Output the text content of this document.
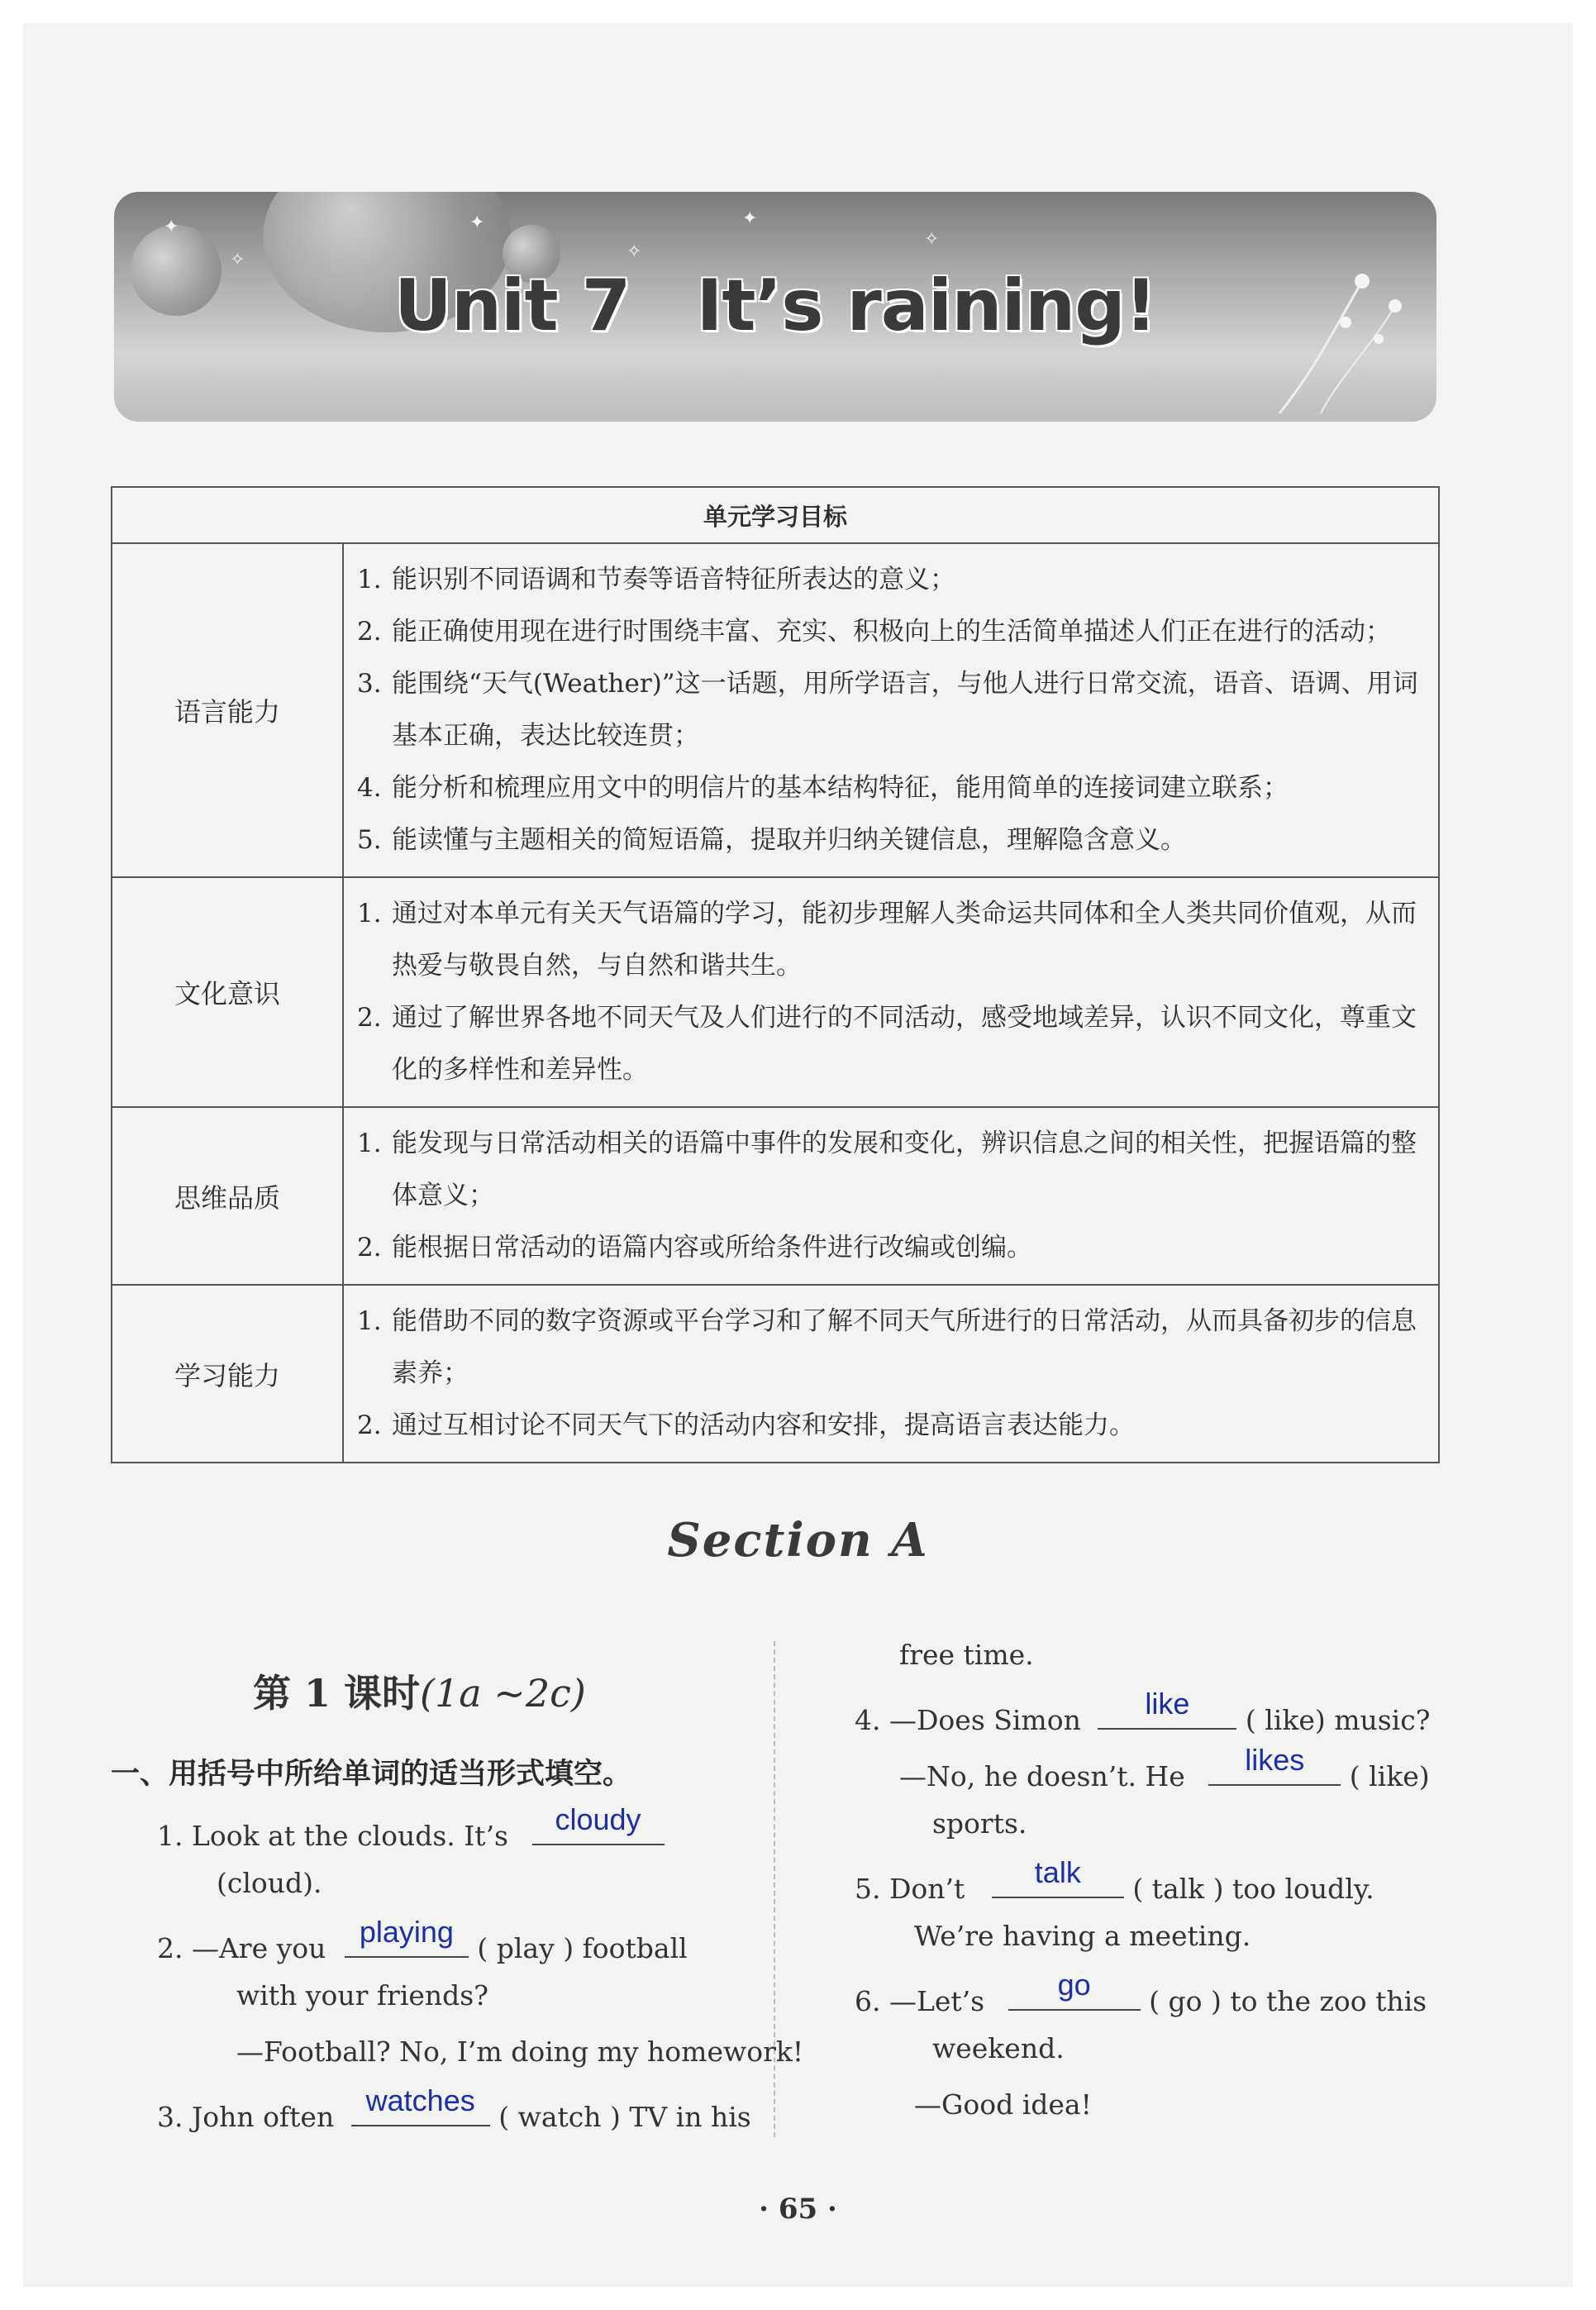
✦
✧
✦
✧
✦
✧
Unit 7 It’s raining!
单元学习目标	
语言能力	1. 能识别不同语调和节奏等语音特征所表达的意义；
2. 能正确使用现在进行时围绕丰富、充实、积极向上的生活简单描述人们正在进行的活动；
3. 能围绕“天气(Weather)”这一话题，用所学语言，与他人进行日常交流，语音、语调、用词基本正确，表达比较连贯；
4. 能分析和梳理应用文中的明信片的基本结构特征，能用简单的连接词建立联系；
5. 能读懂与主题相关的简短语篇，提取并归纳关键信息，理解隐含意义。

文化意识	1. 通过对本单元有关天气语篇的学习，能初步理解人类命运共同体和全人类共同价值观，从而热爱与敬畏自然，与自然和谐共生。
2. 通过了解世界各地不同天气及人们进行的不同活动，感受地域差异，认识不同文化，尊重文化的多样性和差异性。

思维品质	1. 能发现与日常活动相关的语篇中事件的发展和变化，辨识信息之间的相关性，把握语篇的整体意义；
2. 能根据日常活动的语篇内容或所给条件进行改编或创编。

学习能力	1. 能借助不同的数字资源或平台学习和了解不同天气所进行的日常活动，从而具备初步的信息素养；
2. 通过互相讨论不同天气下的活动内容和安排，提高语言表达能力。
Section A
第 1 课时(1a ~2c)
一、用括号中所给单词的适当形式填空。
1. Look at the clouds. It’s	cloudy
(cloud).
2. —Are you	playing ( play ) football
with your friends?
—Football? No, I’m doing my homework!
3. John often	watches ( watch ) TV in his
free time.
4. —Does Simon	like	( like) music?
—No, he doesn’t. He	likes	( like)
sports.
5. Don’t	talk	( talk ) too loudly.
We’re having a meeting.
6. —Let’s	go	( go ) to the zoo this
weekend.
—Good idea!
· 65 ·
